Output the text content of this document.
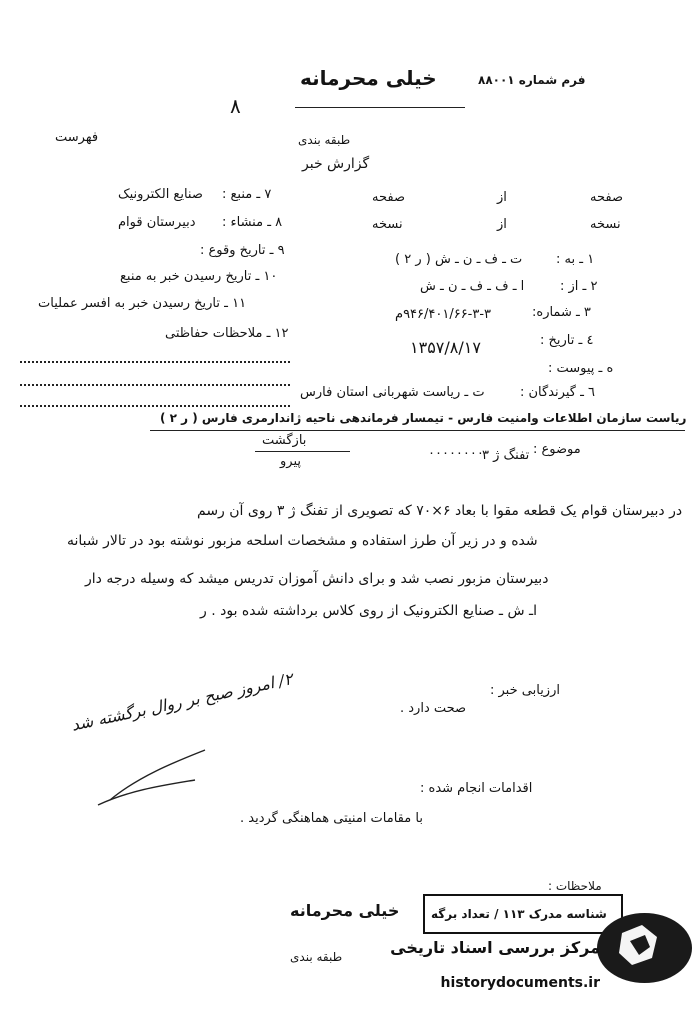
فرم شماره ۸۸۰۰۱
خیلی محرمانه
۸
طبقه بندی
فهرست
گزارش خبر
صفحه
از
صفحه
نسخه
از
نسخه
۱ ـ به :
ت ـ ف ـ ن ـ ش ( ر ۲ )
۲ ـ از :
ا ـ ف ـ ف ـ ن ـ ش
۳ ـ شماره:
۹۴۶/۴۰۱/۶۶-۳-۳م
٤ ـ تاریخ :
۱۳۵۷/۸/۱۷
ه ـ پیوست :
٦ ـ گیرندگان :
ت ـ ریاست شهربانی استان فارس
۷ ـ منبع :
صنایع الکترونیک
۸ ـ منشاء :
دبیرستان قوام
۹ ـ تاریخ وقوع :
۱۰ ـ تاریخ رسیدن خبر به منبع
۱۱ ـ تاریخ رسیدن خبر به افسر عملیات
۱۲ ـ ملاحظات حفاظتی
ریاست سازمان اطلاعات وامنیت فارس - تیمسار فرماندهی ناحیه ژاندارمری فارس ( ر ۲ )
موضوع :
تفنگ ژ ۳
۰۰۰۰۰۰۰۰
بازگشت
پیرو
در دبیرستان قوام یک قطعه مقوا با بعاد ۶×۷۰ که تصویری از تفنگ ژ ۳ روی آن رسم
شده و در زیر آن طرز استفاده و مشخصات اسلحه مزبور نوشته بود در تالار شبانه
دبیرستان مزبور نصب شد و برای دانش آموزان تدریس میشد که وسیله درجه دار
اـ ش ـ صنایع الکترونیک از روی کلاس برداشته شده بود . ر
ارزیابی خبر :
صحت دارد .
۲/ امروز صبح بر روال برگشته شد
اقدامات انجام شده :
با مقامات امنیتی هماهنگی گردید .
ملاحظات :
خیلی محرمانه
طبقه بندی
شناسه مدرک ۱۱۳ / تعداد برگه
مرکز بررسی اسناد تاریخی
historydocuments.ir
